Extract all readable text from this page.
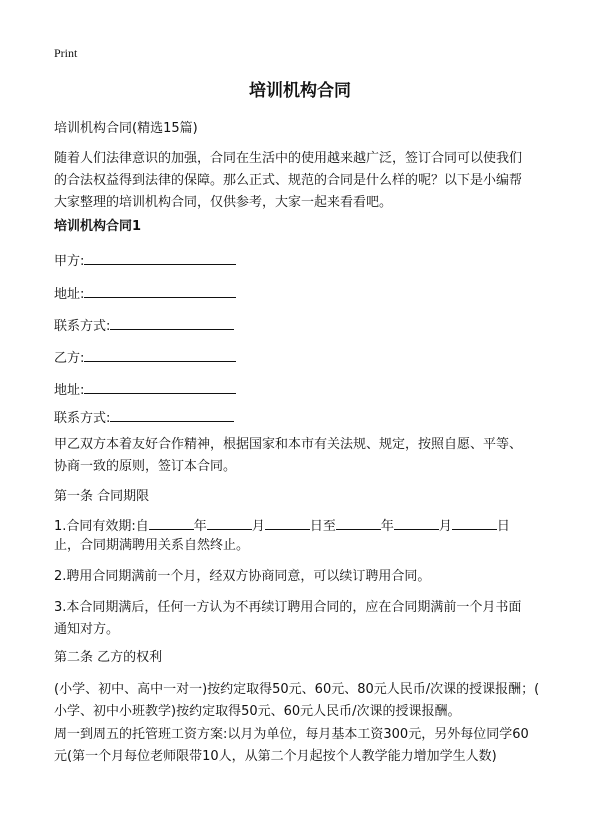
Print
培训机构合同

培训机构合同(精选15篇)

随着人们法律意识的加强，合同在生活中的使用越来越广泛，签订合同可以使我们
的合法权益得到法律的保障。那么正式、规范的合同是什么样的呢？以下是小编帮
大家整理的培训机构合同，仅供参考，大家一起来看看吧。

培训机构合同1

甲方:
地址:
联系方式:
乙方:
地址:
联系方式:

甲乙双方本着友好合作精神，根据国家和本市有关法规、规定，按照自愿、平等、
协商一致的原则，签订本合同。

第一条 合同期限

1.合同有效期:自	年	月	日至	年	月	日

止，合同期满聘用关系自然终止。

2.聘用合同期满前一个月，经双方协商同意，可以续订聘用合同。

3.本合同期满后，任何一方认为不再续订聘用合同的，应在合同期满前一个月书面
通知对方。

第二条 乙方的权利

(小学、初中、高中一对一)按约定取得50元、60元、80元人民币/次课的授课报酬；(
小学、初中小班教学)按约定取得50元、60元人民币/次课的授课报酬。

周一到周五的托管班工资方案:以月为单位，每月基本工资300元，另外每位同学60
元(第一个月每位老师限带10人，从第二个月起按个人教学能力增加学生人数)
